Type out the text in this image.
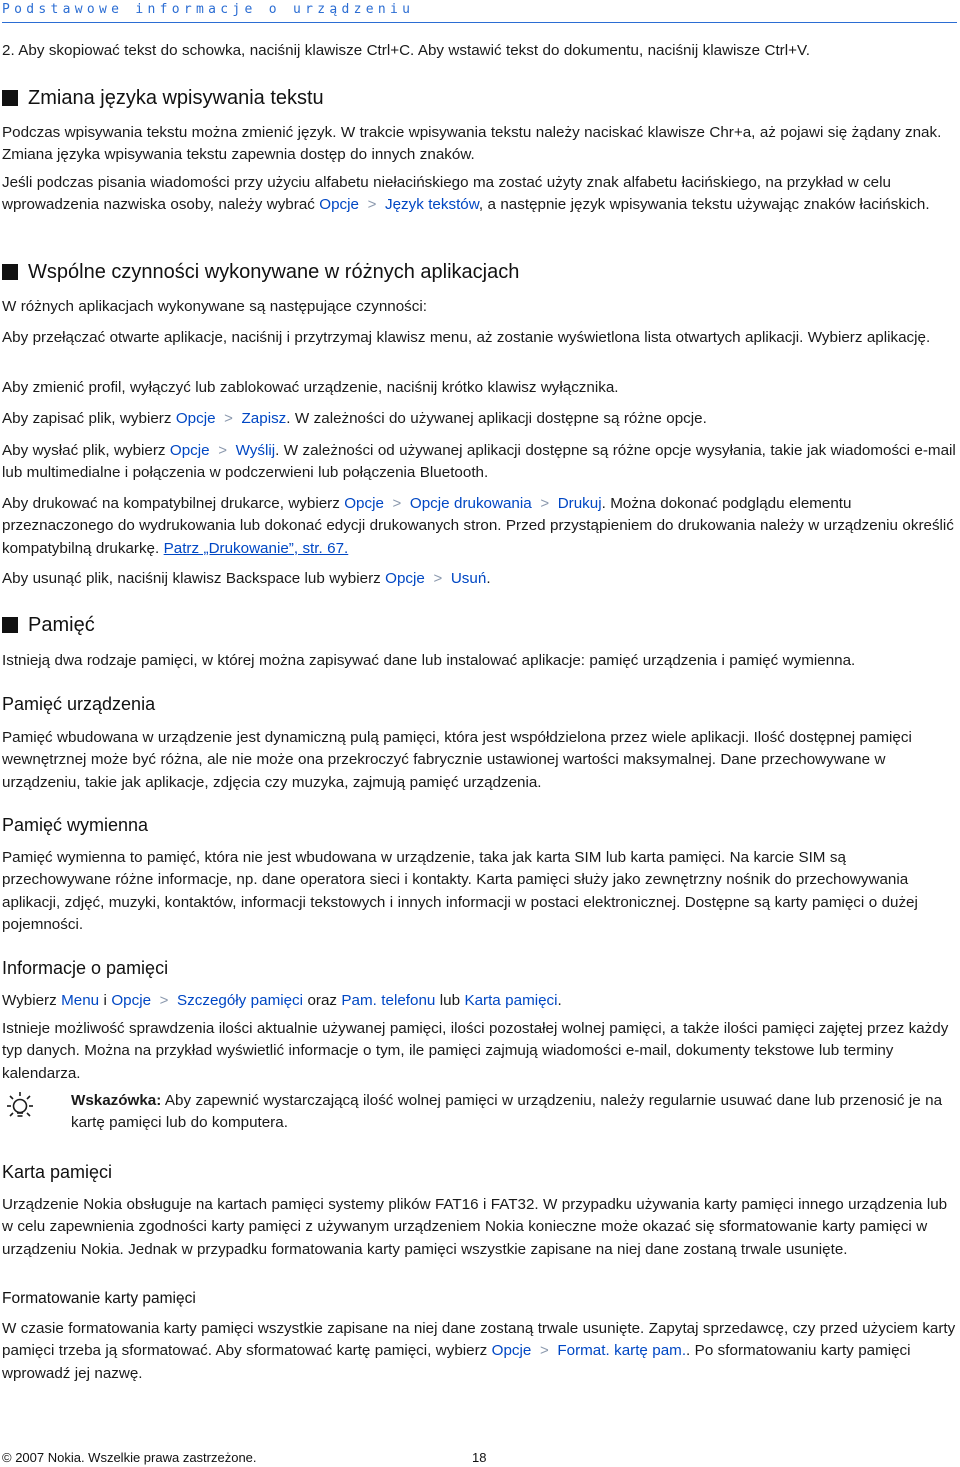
Podstawowe informacje o urządzeniu

2. Aby skopiować tekst do schowka, naciśnij klawisze Ctrl+C. Aby wstawić tekst do dokumentu, naciśnij klawisze Ctrl+V.

Zmiana języka wpisywania tekstu

Podczas wpisywania tekstu można zmienić język. W trakcie wpisywania tekstu należy naciskać klawisze Chr+a, aż pojawi się żądany znak. Zmiana języka wpisywania tekstu zapewnia dostęp do innych znaków.

Jeśli podczas pisania wiadomości przy użyciu alfabetu niełacińskiego ma zostać użyty znak alfabetu łacińskiego, na przykład w celu wprowadzenia nazwiska osoby, należy wybrać Opcje > Język tekstów, a następnie język wpisywania tekstu używając znaków łacińskich.

Wspólne czynności wykonywane w różnych aplikacjach

W różnych aplikacjach wykonywane są następujące czynności:

Aby przełączać otwarte aplikacje, naciśnij i przytrzymaj klawisz menu, aż zostanie wyświetlona lista otwartych aplikacji. Wybierz aplikację.

Aby zmienić profil, wyłączyć lub zablokować urządzenie, naciśnij krótko klawisz wyłącznika.

Aby zapisać plik, wybierz Opcje > Zapisz. W zależności do używanej aplikacji dostępne są różne opcje.

Aby wysłać plik, wybierz Opcje > Wyślij. W zależności od używanej aplikacji dostępne są różne opcje wysyłania, takie jak wiadomości e-mail lub multimedialne i połączenia w podczerwieni lub połączenia Bluetooth.

Aby drukować na kompatybilnej drukarce, wybierz Opcje > Opcje drukowania > Drukuj. Można dokonać podglądu elementu przeznaczonego do wydrukowania lub dokonać edycji drukowanych stron. Przed przystąpieniem do drukowania należy w urządzeniu określić kompatybilną drukarkę. Patrz „Drukowanie”, str. 67.

Aby usunąć plik, naciśnij klawisz Backspace lub wybierz Opcje > Usuń.

Pamięć

Istnieją dwa rodzaje pamięci, w której można zapisywać dane lub instalować aplikacje: pamięć urządzenia i pamięć wymienna.

Pamięć urządzenia

Pamięć wbudowana w urządzenie jest dynamiczną pulą pamięci, która jest współdzielona przez wiele aplikacji. Ilość dostępnej pamięci wewnętrznej może być różna, ale nie może ona przekroczyć fabrycznie ustawionej wartości maksymalnej. Dane przechowywane w urządzeniu, takie jak aplikacje, zdjęcia czy muzyka, zajmują pamięć urządzenia.

Pamięć wymienna

Pamięć wymienna to pamięć, która nie jest wbudowana w urządzenie, taka jak karta SIM lub karta pamięci. Na karcie SIM są przechowywane różne informacje, np. dane operatora sieci i kontakty. Karta pamięci służy jako zewnętrzny nośnik do przechowywania aplikacji, zdjęć, muzyki, kontaktów, informacji tekstowych i innych informacji w postaci elektronicznej. Dostępne są karty pamięci o dużej pojemności.

Informacje o pamięci

Wybierz Menu i Opcje > Szczegóły pamięci oraz Pam. telefonu lub Karta pamięci.

Istnieje możliwość sprawdzenia ilości aktualnie używanej pamięci, ilości pozostałej wolnej pamięci, a także ilości pamięci zajętej przez każdy typ danych. Można na przykład wyświetlić informacje o tym, ile pamięci zajmują wiadomości e-mail, dokumenty tekstowe lub terminy kalendarza.

Wskazówka: Aby zapewnić wystarczającą ilość wolnej pamięci w urządzeniu, należy regularnie usuwać dane lub przenosić je na kartę pamięci lub do komputera.

Karta pamięci

Urządzenie Nokia obsługuje na kartach pamięci systemy plików FAT16 i FAT32. W przypadku używania karty pamięci innego urządzenia lub w celu zapewnienia zgodności karty pamięci z używanym urządzeniem Nokia konieczne może okazać się sformatowanie karty pamięci w urządzeniu Nokia. Jednak w przypadku formatowania karty pamięci wszystkie zapisane na niej dane zostaną trwale usunięte.

Formatowanie karty pamięci

W czasie formatowania karty pamięci wszystkie zapisane na niej dane zostaną trwale usunięte. Zapytaj sprzedawcę, czy przed użyciem karty pamięci trzeba ją sformatować. Aby sformatować kartę pamięci, wybierz Opcje > Format. kartę pam.. Po sformatowaniu karty pamięci wprowadź jej nazwę.

© 2007 Nokia. Wszelkie prawa zastrzeżone.	18
